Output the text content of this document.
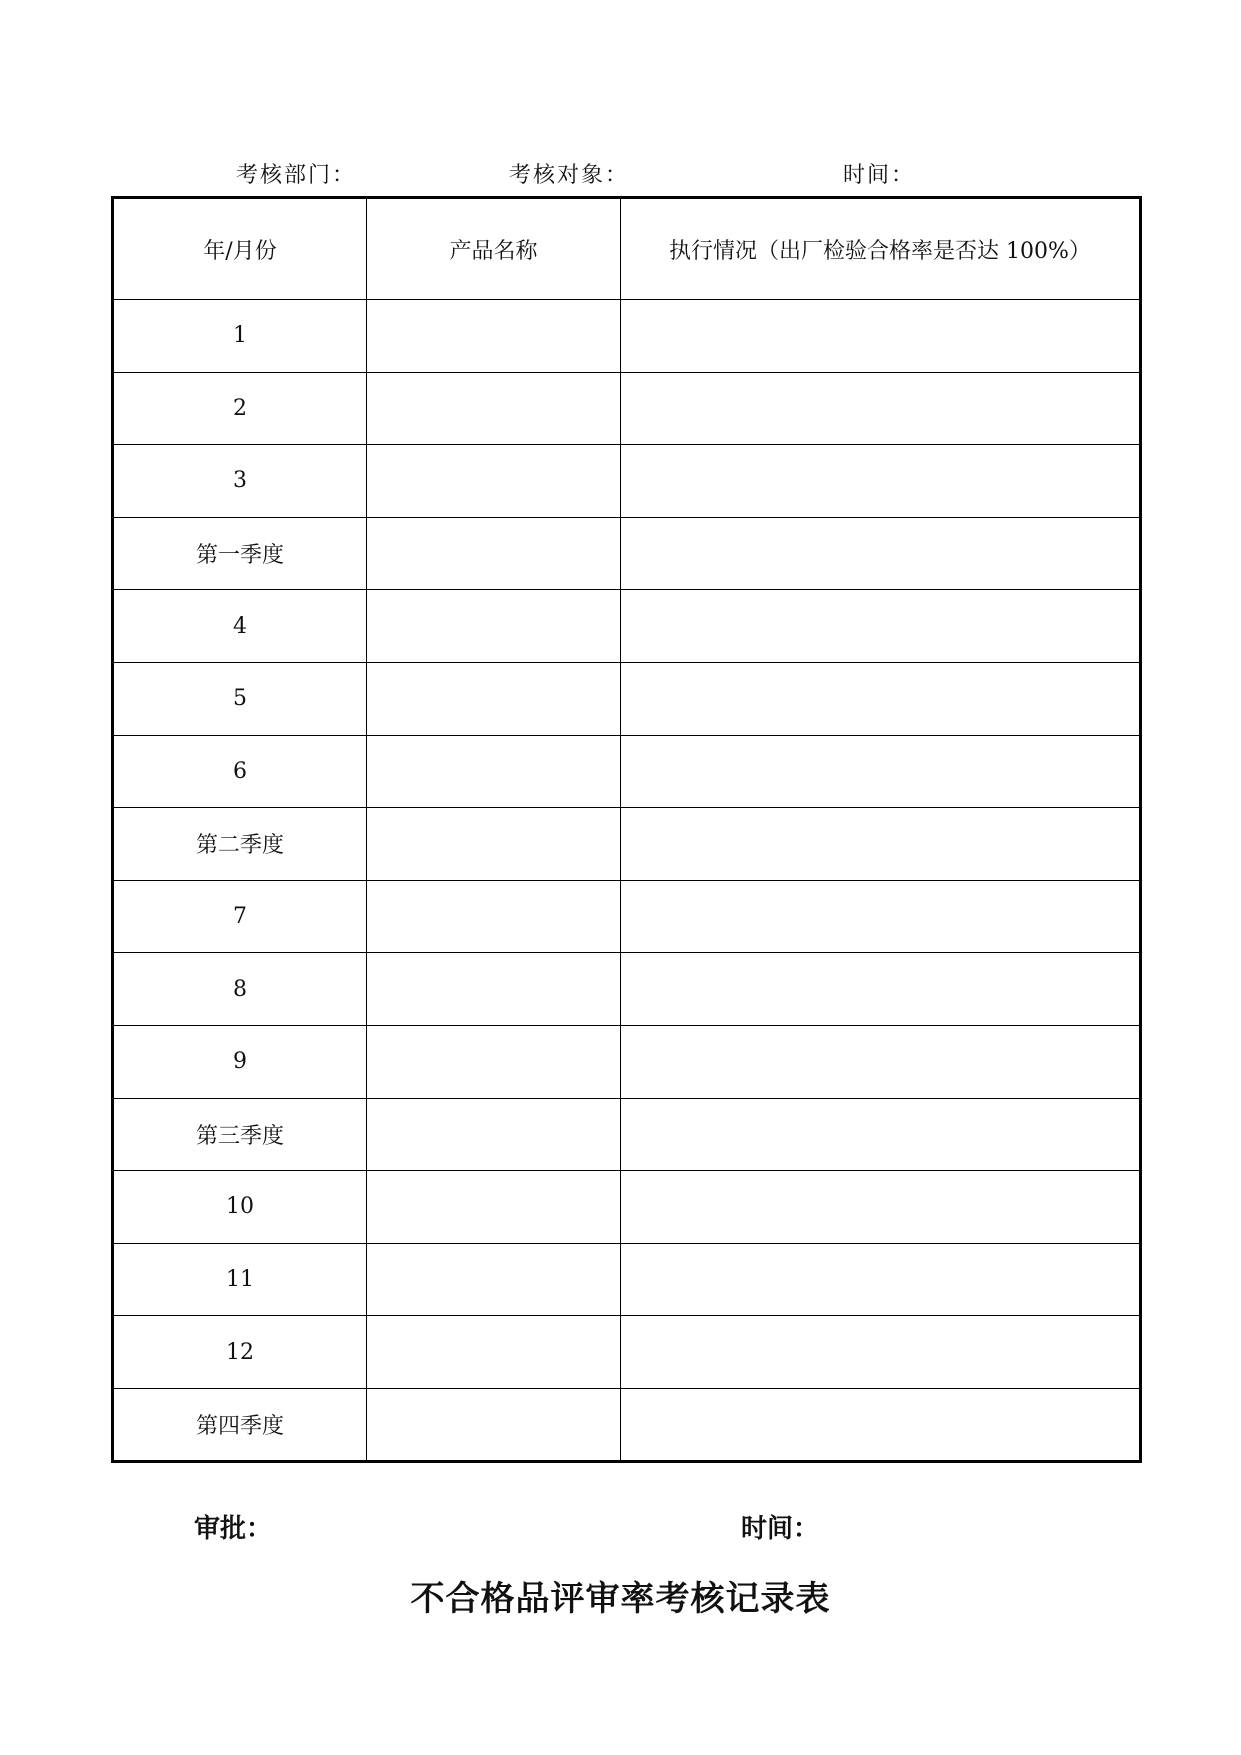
考核部门：	考核对象：	时间：
年/月份	产品名称	执行情况（出厂检验合格率是否达 100%）
1		
2		
3		
第一季度		
4		
5		
6		
第二季度		
7		
8		
9		
第三季度		
10		
11		
12		
第四季度		
审批：	时间：
不合格品评审率考核记录表
